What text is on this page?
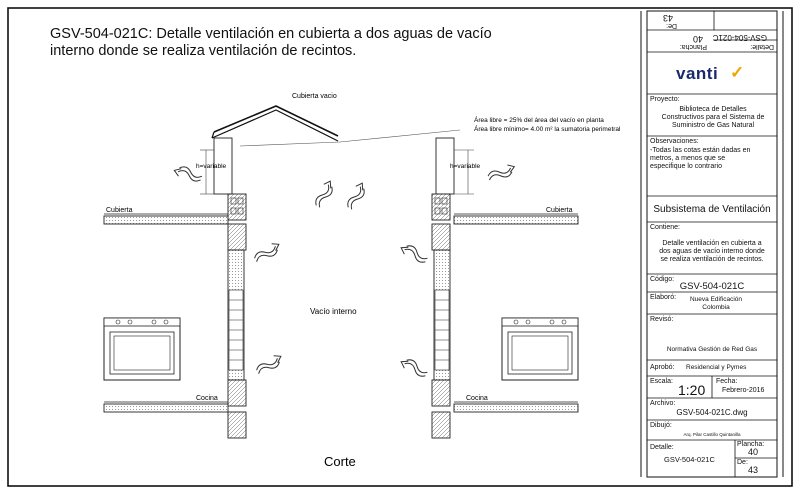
Cubierta vacio
Área libre = 25% del área del vacío en planta
Área libre mínimo= 4.00 m² la sumatoria perimetral
h=variable	h=variable
Cubierta	Cubierta
Vacío interno
Cocina	Cocina
Corte
GSV-504-021C: Detalle ventilación en cubierta a dos aguas de vacío
interno donde se realiza ventilación de recintos.	Detalle:
GSV-504-021C
Plancha:
40
De:
43
vanti ✓
Proyecto:
Biblioteca de Detalles
Constructivos para el Sistema de
Suministro de Gas Natural
Observaciones:
-Todas las cotas están dadas en
metros, a menos que se
especifique lo contrario
Subsistema de Ventilación
Contiene:
Detalle ventilación en cubierta a
dos aguas de vacío interno donde
se realiza ventilación de recintos.
Código:
GSV-504-021C
Elaboró:	Nueva Edificación
Colombia
Revisó:
Normativa Gestión de Red Gas
Aprobó: Residencial y Pymes
Escala:
1:20
Fecha:
Febrero-2016
Archivo:
GSV-504-021C.dwg
Dibujó:
Arq. Pilar Castillo Quintanilla
Detalle:
GSV-504-021C
Plancha:
40
De:
43
